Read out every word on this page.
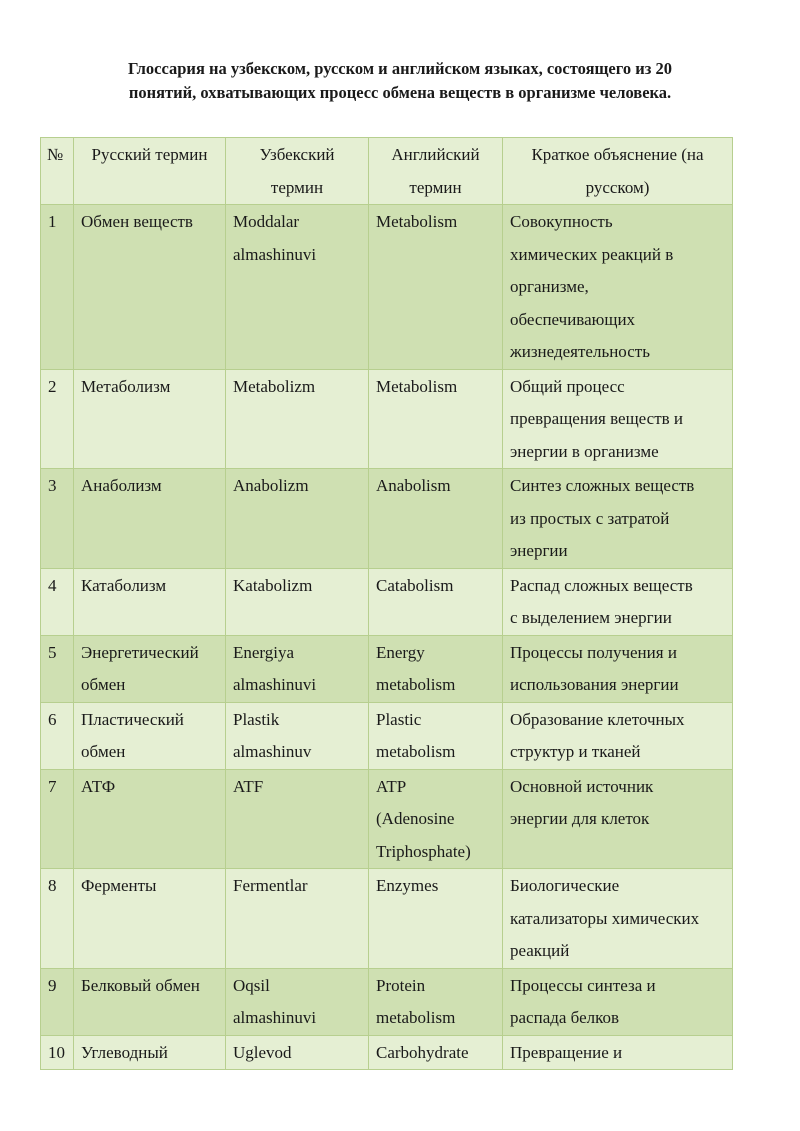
Глоссария на узбекском, русском и английском языках, состоящего из 20
понятий, охватывающих процесс обмена веществ в организме человека.
№	Русский термин	Узбекский
термин	Английский
термин	Краткое объяснение (на
русском)

1	Обмен веществ	Moddalar
almashinuvi	Metabolism	Совокупность
химических реакций в
организме,
обеспечивающих
жизнедеятельность

2	Метаболизм	Metabolizm	Metabolism	Общий процесс
превращения веществ и
энергии в организме

3	Анаболизм	Anabolizm	Anabolism	Синтез сложных веществ
из простых с затратой
энергии

4	Катаболизм	Katabolizm	Catabolism	Распад сложных веществ
с выделением энергии

5	Энергетический
обмен	Energiya
almashinuvi	Energy
metabolism	Процессы получения и
использования энергии

6	Пластический
обмен	Plastik
almashinuv	Plastic
metabolism	Образование клеточных
структур и тканей

7	АТФ	ATF	ATP
(Adenosine
Triphosphate)	Основной источник
энергии для клеток

8	Ферменты	Fermentlar	Enzymes	Биологические
катализаторы химических
реакций

9	Белковый обмен	Oqsil
almashinuvi	Protein
metabolism	Процессы синтеза и
распада белков

10	Углеводный	Uglevod	Carbohydrate	Превращение и
